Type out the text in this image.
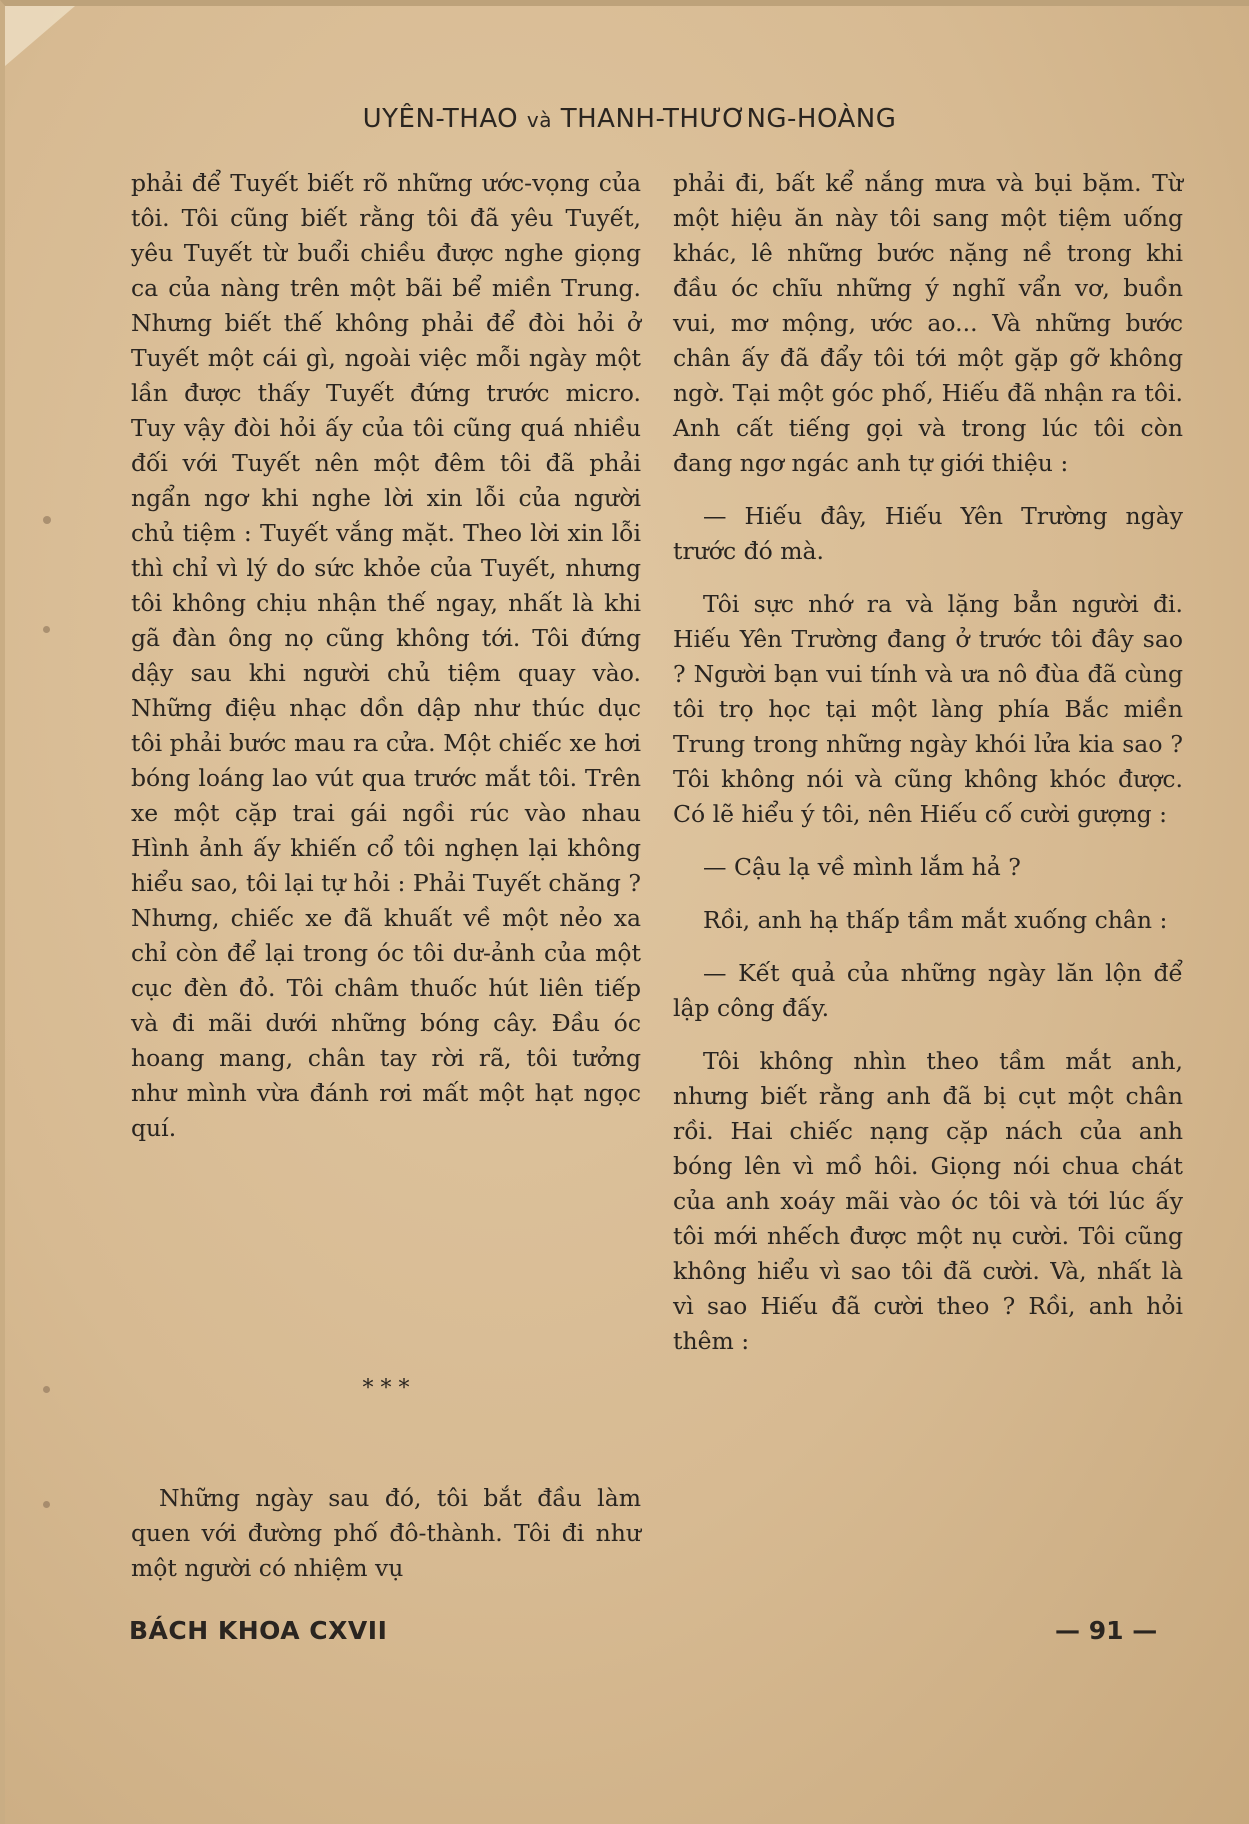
UYÊN-THAO và THANH-THƯƠNG-HOÀNG

phải để Tuyết biết rõ những ước-vọng của tôi. Tôi cũng biết rằng tôi đã yêu Tuyết, yêu Tuyết từ buổi chiều được nghe giọng ca của nàng trên một bãi bể miền Trung. Nhưng biết thế không phải để đòi hỏi ở Tuyết một cái gì, ngoài việc mỗi ngày một lần được thấy Tuyết đứng trước micro. Tuy vậy đòi hỏi ấy của tôi cũng quá nhiều đối với Tuyết nên một đêm tôi đã phải ngẩn ngơ khi nghe lời xin lỗi của người chủ tiệm : Tuyết vắng mặt. Theo lời xin lỗi thì chỉ vì lý do sức khỏe của Tuyết, nhưng tôi không chịu nhận thế ngay, nhất là khi gã đàn ông nọ cũng không tới. Tôi đứng dậy sau khi người chủ tiệm quay vào. Những điệu nhạc dồn dập như thúc dục tôi phải bước mau ra cửa. Một chiếc xe hơi bóng loáng lao vút qua trước mắt tôi. Trên xe một cặp trai gái ngồi rúc vào nhau Hình ảnh ấy khiến cổ tôi nghẹn lại không hiểu sao, tôi lại tự hỏi : Phải Tuyết chăng ? Nhưng, chiếc xe đã khuất về một nẻo xa chỉ còn để lại trong óc tôi dư-ảnh của một cục đèn đỏ. Tôi châm thuốc hút liên tiếp và đi mãi dưới những bóng cây. Đầu óc hoang mang, chân tay rời rã, tôi tưởng như mình vừa đánh rơi mất một hạt ngọc quí.

* * *

Những ngày sau đó, tôi bắt đầu làm quen với đường phố đô-thành. Tôi đi như một người có nhiệm vụ

phải đi, bất kể nắng mưa và bụi bặm. Từ một hiệu ăn này tôi sang một tiệm uống khác, lê những bước nặng nề trong khi đầu óc chĩu những ý nghĩ vẩn vơ, buồn vui, mơ mộng, ước ao... Và những bước chân ấy đã đẩy tôi tới một gặp gỡ không ngờ. Tại một góc phố, Hiếu đã nhận ra tôi. Anh cất tiếng gọi và trong lúc tôi còn đang ngơ ngác anh tự giới thiệu :

— Hiếu đây, Hiếu Yên Trường ngày trước đó mà.

Tôi sực nhớ ra và lặng bẳn người đi. Hiếu Yên Trường đang ở trước tôi đây sao ? Người bạn vui tính và ưa nô đùa đã cùng tôi trọ học tại một làng phía Bắc miền Trung trong những ngày khói lửa kia sao ? Tôi không nói và cũng không khóc được. Có lẽ hiểu ý tôi, nên Hiếu cố cười gượng :

— Cậu lạ về mình lắm hả ?

Rồi, anh hạ thấp tầm mắt xuống chân :

— Kết quả của những ngày lăn lộn để lập công đấy.

Tôi không nhìn theo tầm mắt anh, nhưng biết rằng anh đã bị cụt một chân rồi. Hai chiếc nạng cặp nách của anh bóng lên vì mồ hôi. Giọng nói chua chát của anh xoáy mãi vào óc tôi và tới lúc ấy tôi mới nhếch được một nụ cười. Tôi cũng không hiểu vì sao tôi đã cười. Và, nhất là vì sao Hiếu đã cười theo ? Rồi, anh hỏi thêm :

BÁCH KHOA CXVII	— 91 —
